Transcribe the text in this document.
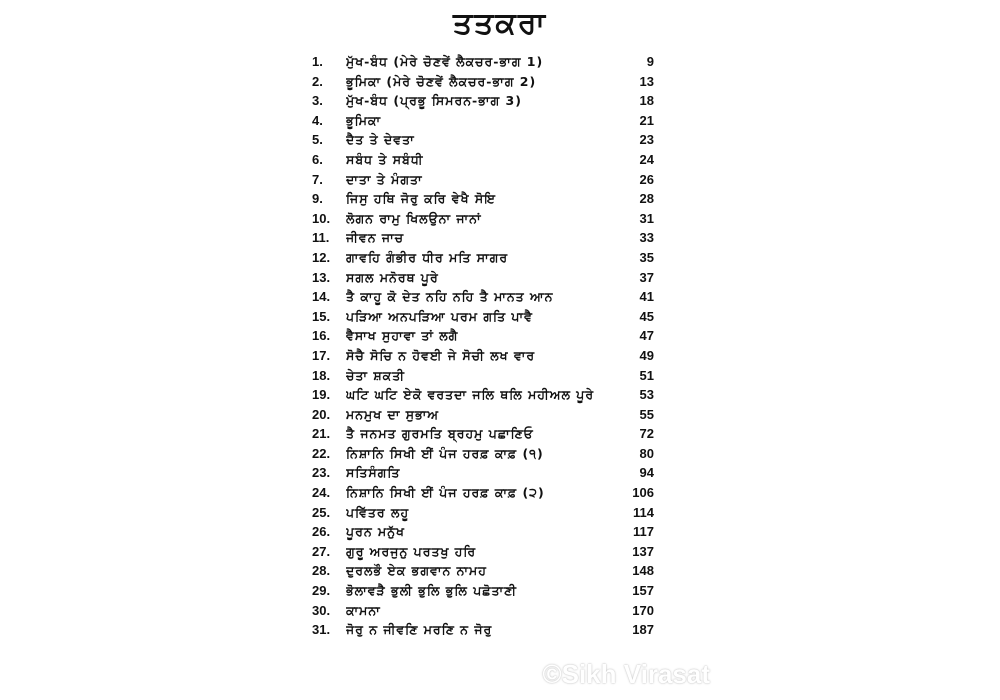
ਤਤਕਰਾ
1.	ਮੁੱਖ-ਬੰਧ (ਮੇਰੇ ਚੋਣਵੇਂ ਲੈਕਚਰ-ਭਾਗ 1)	9
2.	ਭੂਮਿਕਾ (ਮੇਰੇ ਚੋਣਵੇਂ ਲੈਕਚਰ-ਭਾਗ 2)	13
3.	ਮੁੱਖ-ਬੰਧ (ਪ੍ਰਭੂ ਸਿਮਰਨ-ਭਾਗ 3)	18
4.	ਭੂਮਿਕਾ	21
5.	ਦੈਤ ਤੇ ਦੇਵਤਾ	23
6.	ਸਬੰਧ ਤੇ ਸਬੰਧੀ	24
7.	ਦਾਤਾ ਤੇ ਮੰਗਤਾ	26
9.	ਜਿਸੁ ਹਥਿ ਜੋਰੁ ਕਰਿ ਵੇਖੈ ਸੋਇ	28
10.	ਲੋਗਨ ਰਾਮੁ ਖਿਲਉਨਾ ਜਾਨਾਂ	31
11.	ਜੀਵਨ ਜਾਚ	33
12.	ਗਾਵਹਿ ਗੰਭੀਰ ਧੀਰ ਮਤਿ ਸਾਗਰ	35
13.	ਸਗਲ ਮਨੋਰਥ ਪੂਰੇ	37
14.	ਤੈ ਕਾਹੂ ਕੋ ਦੇਤ ਨਹਿ ਨਹਿ ਤੈ ਮਾਨਤ ਆਨ	41
15.	ਪੜਿਆ ਅਨਪੜਿਆ ਪਰਮ ਗਤਿ ਪਾਵੈ	45
16.	ਵੈਸਾਖ ਸੁਹਾਵਾ ਤਾਂ ਲਗੈ	47
17.	ਸੋਚੈ ਸੋਚਿ ਨ ਹੋਵਈ ਜੇ ਸੋਚੀ ਲਖ ਵਾਰ	49
18.	ਚੇਤਾ ਸ਼ਕਤੀ	51
19.	ਘਟਿ ਘਟਿ ਏਕੋ ਵਰਤਦਾ ਜਲਿ ਥਲਿ ਮਹੀਅਲ ਪੂਰੇ	53
20.	ਮਨਮੁਖ ਦਾ ਸੁਭਾਅ	55
21.	ਤੈ ਜਨਮਤ ਗੁਰਮਤਿ ਬ੍ਰਹਮੁ ਪਛਾਣਿਓ	72
22.	ਨਿਸ਼ਾਨਿ ਸਿਖੀ ਈਂ ਪੰਜ ਹਰਫ਼ ਕਾਫ਼ (੧)	80
23.	ਸਤਿਸੰਗਤਿ	94
24.	ਨਿਸ਼ਾਨਿ ਸਿਖੀ ਈਂ ਪੰਜ ਹਰਫ਼ ਕਾਫ਼ (੨)	106
25.	ਪਵਿੱਤਰ ਲਹੂ	114
26.	ਪੂਰਨ ਮਨੁੱਖ	117
27.	ਗੁਰੂ ਅਰਜੁਨੁ ਪਰਤਖੁ ਹਰਿ	137
28.	ਦੁਰਲਭੌ ਏਕ ਭਗਵਾਨ ਨਾਮਹ	148
29.	ਭੋਲਾਵੜੈ ਭੁਲੀ ਭੁਲਿ ਭੁਲਿ ਪਛੋਤਾਣੀ	157
30.	ਕਾਮਨਾ	170
31.	ਜੋਰੁ ਨ ਜੀਵਣਿ ਮਰਣਿ ਨ ਜੋਰੁ	187
©Sikh Virasat
